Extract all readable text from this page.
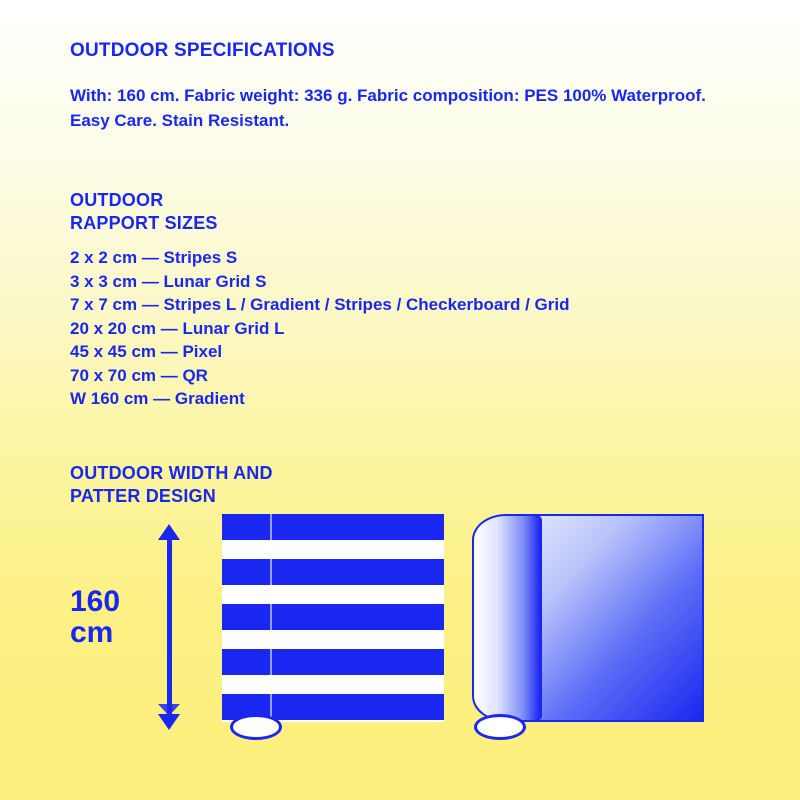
OUTDOOR SPECIFICATIONS

With: 160 cm. Fabric weight: 336 g. Fabric composition: PES 100% Waterproof. Easy Care. Stain Resistant.

OUTDOOR
RAPPORT SIZES
2 x 2 cm — Stripes S
3 x 3 cm — Lunar Grid S
7 x 7 cm — Stripes L / Gradient / Stripes / Checkerboard / Grid
20 x 20 cm — Lunar Grid L
45 x 45 cm — Pixel
70 x 70 cm — QR
W 160 cm — Gradient
OUTDOOR WIDTH AND
PATTER DESIGN
160
cm
